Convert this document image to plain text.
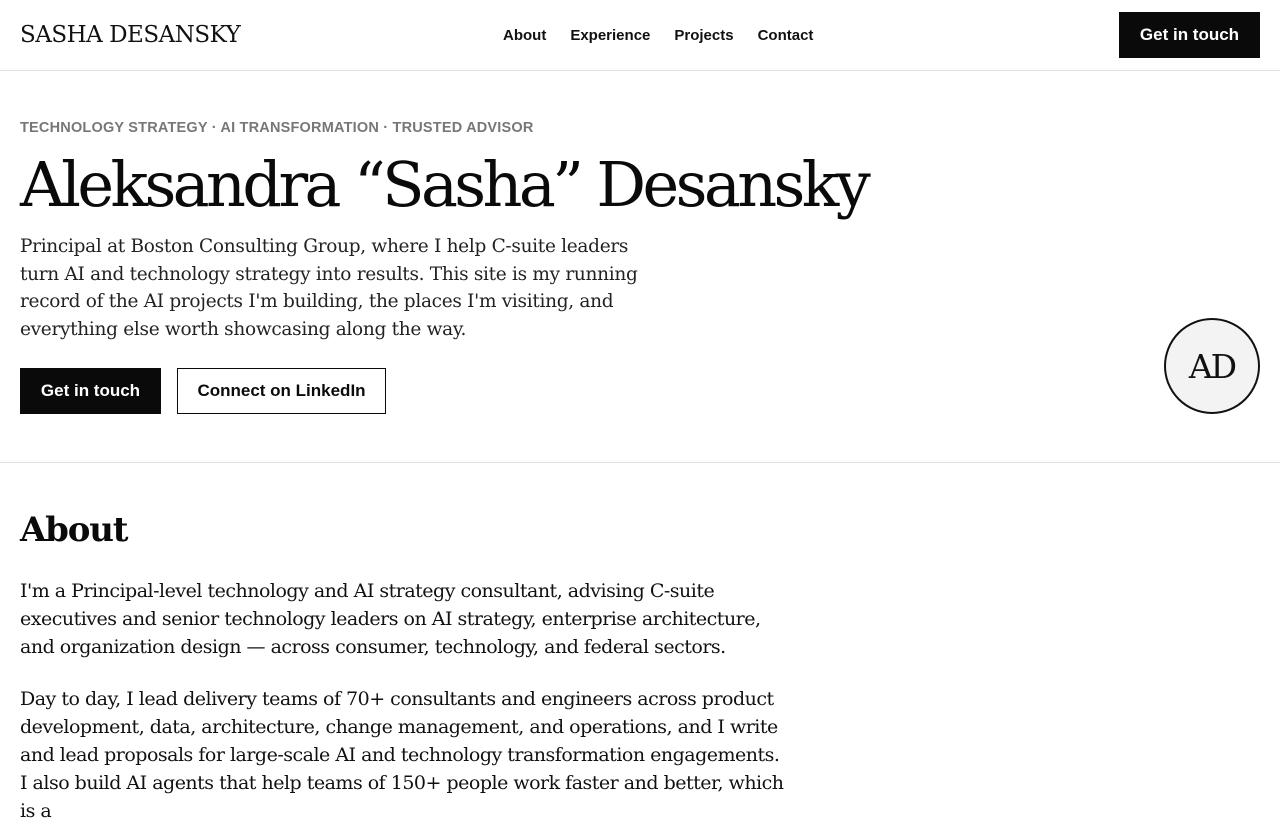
SASHA DESANSKY	About Experience Projects Contact	Get in touch
TECHNOLOGY STRATEGY · AI TRANSFORMATION · TRUSTED ADVISOR
Aleksandra “Sasha” Desansky

Principal at Boston Consulting Group, where I help C-suite leaders turn AI and technology strategy into results. This site is my running record of the AI projects I'm building, the places I'm visiting, and everything else worth showcasing along the way.

Get in touch	Connect on LinkedIn
AD
About

I'm a Principal-level technology and AI strategy consultant, advising C-suite executives and senior technology leaders on AI strategy, enterprise architecture, and organization design — across consumer, technology, and federal sectors.

Day to day, I lead delivery teams of 70+ consultants and engineers across product development, data, architecture, change management, and operations, and I write and lead proposals for large-scale AI and technology transformation engagements. I also build AI agents that help teams of 150+ people work faster and better, which is a
